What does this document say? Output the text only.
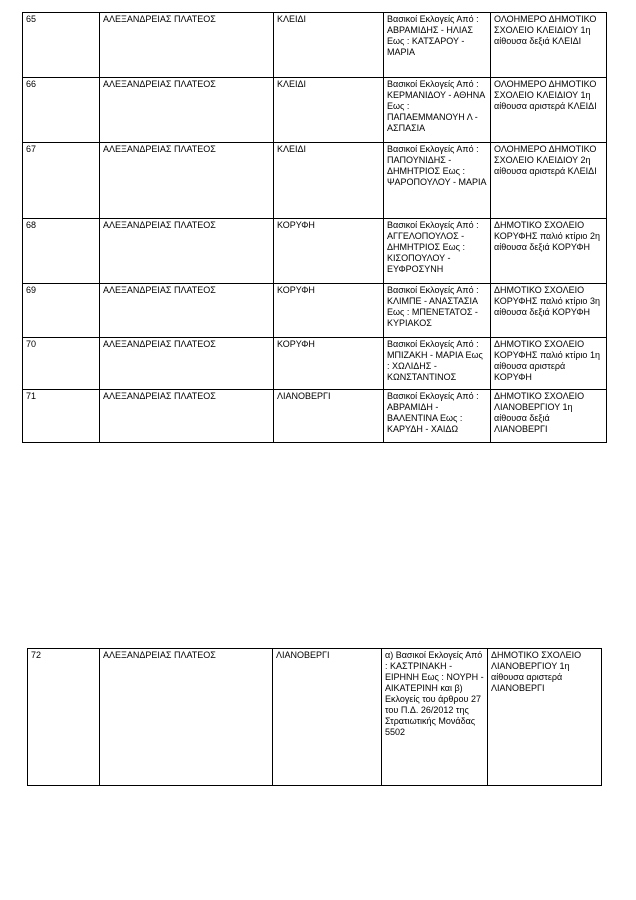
65	ΑΛΕΞΑΝΔΡΕΙΑΣ ΠΛΑΤΕΟΣ	ΚΛΕΙΔΙ	Βασικοί Εκλογείς Από : ΑΒΡΑΜΙΔΗΣ - ΗΛΙΑΣ Εως : ΚΑΤΣΑΡΟΥ - ΜΑΡΙΑ	ΟΛΟΗΜΕΡΟ ΔΗΜΟΤΙΚΟ ΣΧΟΛΕΙΟ ΚΛΕΙΔΙΟΥ 1η αίθουσα δεξιά ΚΛΕΙΔΙ
66	ΑΛΕΞΑΝΔΡΕΙΑΣ ΠΛΑΤΕΟΣ	ΚΛΕΙΔΙ	Βασικοί Εκλογείς Από : ΚΕΡΜΑΝΙΔΟΥ - ΑΘΗΝΑ Εως : ΠΑΠΑΕΜΜΑΝΟΥΗ Λ - ΑΣΠΑΣΙΑ	ΟΛΟΗΜΕΡΟ ΔΗΜΟΤΙΚΟ ΣΧΟΛΕΙΟ ΚΛΕΙΔΙΟΥ 1η αίθουσα αριστερά ΚΛΕΙΔΙ
67	ΑΛΕΞΑΝΔΡΕΙΑΣ ΠΛΑΤΕΟΣ	ΚΛΕΙΔΙ	Βασικοί Εκλογείς Από : ΠΑΠΟΥΝΙΔΗΣ - ΔΗΜΗΤΡΙΟΣ Εως : ΨΑΡΟΠΟΥΛΟΥ - ΜΑΡΙΑ	ΟΛΟΗΜΕΡΟ ΔΗΜΟΤΙΚΟ ΣΧΟΛΕΙΟ ΚΛΕΙΔΙΟΥ 2η αίθουσα αριστερά ΚΛΕΙΔΙ
68	ΑΛΕΞΑΝΔΡΕΙΑΣ ΠΛΑΤΕΟΣ	ΚΟΡΥΦΗ	Βασικοί Εκλογείς Από : ΑΓΓΕΛΟΠΟΥΛΟΣ - ΔΗΜΗΤΡΙΟΣ Εως : ΚΙΣΟΠΟΥΛΟΥ - ΕΥΦΡΟΣΥΝΗ	ΔΗΜΟΤΙΚΟ ΣΧΟΛΕΙΟ ΚΟΡΥΦΗΣ παλιό κτίριο 2η αίθουσα δεξιά ΚΟΡΥΦΗ
69	ΑΛΕΞΑΝΔΡΕΙΑΣ ΠΛΑΤΕΟΣ	ΚΟΡΥΦΗ	Βασικοί Εκλογείς Από : ΚΛΙΜΠΕ - ΑΝΑΣΤΑΣΙΑ Εως : ΜΠΕΝΕΤΑΤΟΣ - ΚΥΡΙΑΚΟΣ	ΔΗΜΟΤΙΚΟ ΣΧΟΛΕΙΟ ΚΟΡΥΦΗΣ παλιό κτίριο 3η αίθουσα δεξιά ΚΟΡΥΦΗ
70	ΑΛΕΞΑΝΔΡΕΙΑΣ ΠΛΑΤΕΟΣ	ΚΟΡΥΦΗ	Βασικοί Εκλογείς Από : ΜΠΙΖΑΚΗ - ΜΑΡΙΑ Εως : ΧΩΛΙΔΗΣ - ΚΩΝΣΤΑΝΤΙΝΟΣ	ΔΗΜΟΤΙΚΟ ΣΧΟΛΕΙΟ ΚΟΡΥΦΗΣ παλιό κτίριο 1η αίθουσα αριστερά ΚΟΡΥΦΗ
71	ΑΛΕΞΑΝΔΡΕΙΑΣ ΠΛΑΤΕΟΣ	ΛΙΑΝΟΒΕΡΓΙ	Βασικοί Εκλογείς Από : ΑΒΡΑΜΙΔΗ - ΒΑΛΕΝΤΙΝΑ Εως : ΚΑΡΥΔΗ - ΧΑΙΔΩ	ΔΗΜΟΤΙΚΟ ΣΧΟΛΕΙΟ ΛΙΑΝΟΒΕΡΓΙΟΥ 1η αίθουσα δεξιά ΛΙΑΝΟΒΕΡΓΙ
72	ΑΛΕΞΑΝΔΡΕΙΑΣ ΠΛΑΤΕΟΣ	ΛΙΑΝΟΒΕΡΓΙ	α) Βασικοί Εκλογείς Από : ΚΑΣΤΡΙΝΑΚΗ - ΕΙΡΗΝΗ Εως : ΝΟΥΡΗ - ΑΙΚΑΤΕΡΙΝΗ και β) Εκλογείς του άρθρου 27 του Π.Δ. 26/2012 της Στρατιωτικής Μονάδας 5502	ΔΗΜΟΤΙΚΟ ΣΧΟΛΕΙΟ ΛΙΑΝΟΒΕΡΓΙΟΥ 1η αίθουσα αριστερά ΛΙΑΝΟΒΕΡΓΙ
